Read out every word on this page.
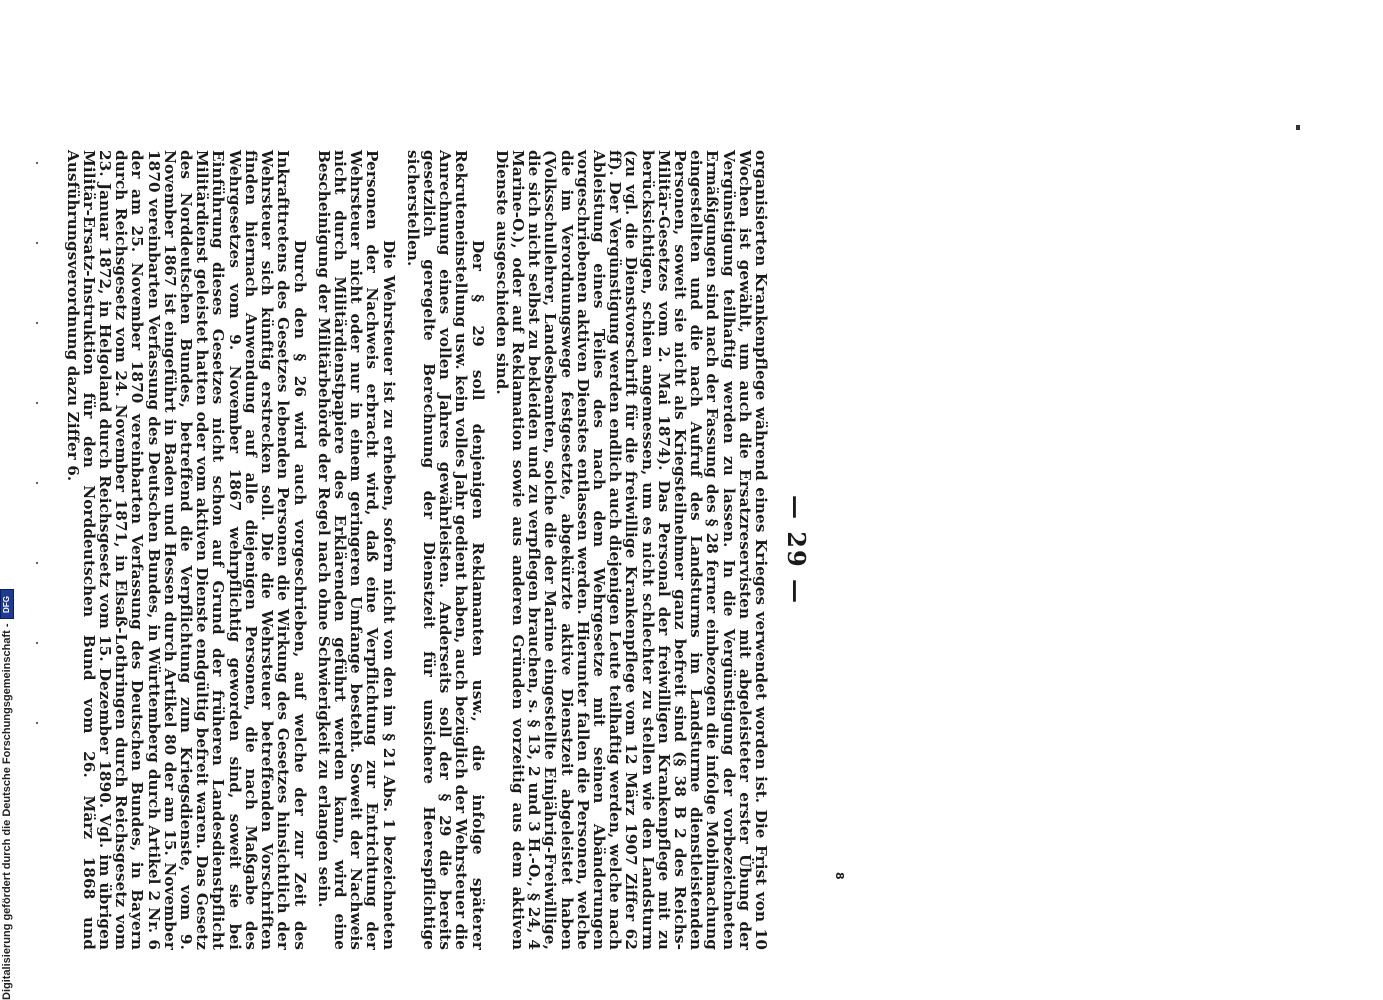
— 29 —

organisierten Krankenpflege während eines Krieges verwendet worden ist. Die Frist von 10 Wochen ist gewählt, um auch die Ersatzreservisten mit abgeleisteter erster Übung der Vergünstigung teilhaftig werden zu lassen. In die Vergünstigung der vorbezeichneten Ermäßigungen sind nach der Fassung des § 28 ferner einbezogen die infolge Mobilmachung eingestellten und die nach Aufruf des Landsturms im Landsturme dienstleistenden Personen, soweit sie nicht als Kriegsteilnehmer ganz befreit sind (§ 38 B 2 des Reichs-Militär-Gesetzes vom 2. Mai 1874). Das Personal der freiwilligen Krankenpflege mit zu berücksichtigen, schien angemessen, um es nicht schlechter zu stellen wie den Landsturm (zu vgl. die Dienstvorschrift für die freiwillige Krankenpflege vom 12 März 1907 Ziffer 62 ff). Der Vergünstigung werden endlich auch diejenigen Leute teilhaftig werden, welche nach Ableistung eines Teiles des nach dem Wehrgesetze mit seinen Abänderungen vorgeschriebenen aktiven Dienstes entlassen werden. Hierunter fallen die Personen, welche die im Verordnungswege festgesetzte, abgekürzte aktive Dienstzeit abgeleistet haben (Volksschullehrer, Landesbeamten, solche die der Marine eingestellte Einjährig-Freiwillige, die sich nicht selbst zu bekleiden und zu verpflegen brauchen, s. § 13, 2 und 3 H.-O., § 24, 4 Marine-O.), oder auf Reklamation sowie aus anderen Gründen vorzeitig aus dem aktiven Dienste ausgeschieden sind.

Der § 29 soll denjenigen Reklamanten usw., die infolge späterer Rekruteneinstellung usw. kein volles Jahr gedient haben, auch bezüglich der Wehrsteuer die Anrechnung eines vollen Jahres gewährleisten. Anderseits soll der § 29 die bereits gesetzlich geregelte Berechnung der Dienstzeit für unsichere Heerespflichtige sicherstellen.

Die Wehrsteuer ist zu erheben, sofern nicht von den im § 21 Abs. 1 bezeichneten Personen der Nachweis erbracht wird, daß eine Verpflichtung zur Entrichtung der Wehrsteuer nicht oder nur in einem geringeren Umfange besteht. Soweit der Nachweis nicht durch Militärdienstpapiere des Erklärenden geführt werden kann, wird eine Bescheinigung der Militärbehörde der Regel nach ohne Schwierigkeit zu erlangen sein.

Durch den § 26 wird auch vorgeschrieben, auf welche der zur Zeit des Inkrafttretens des Gesetzes lebenden Personen die Wirkung des Gesetzes hinsichtlich der Wehrsteuer sich künftig erstrecken soll. Die die Wehrsteuer betreffenden Vorschriften finden hiernach Anwendung auf alle diejenigen Personen, die nach Maßgabe des Wehrgesetzes vom 9. November 1867 wehrpflichtig geworden sind, soweit sie bei Einführung dieses Gesetzes nicht schon auf Grund der früheren Landesdienstpflicht Militärdienst geleistet hatten oder vom aktiven Dienste endgültig befreit waren. Das Gesetz des Norddeutschen Bundes, betreffend die Verpflichtung zum Kriegsdienste, vom 9. November 1867 ist eingeführt in Baden und Hessen durch Artikel 80 der am 15. November 1870 vereinbarten Verfassung des Deutschen Bundes, in Württemberg durch Artikel 2 Nr. 6 der am 25. November 1870 vereinbarten Verfassung des Deutschen Bundes, in Bayern durch Reichsgesetz vom 24. November 1871, in Elsaß-Lothringen durch Reichsgesetz vom 23. Januar 1872, in Helgoland durch Reichsgesetz vom 15. Dezember 1890. Vgl. im übrigen Militär-Ersatz-Instruktion für den Norddeutschen Bund vom 26. März 1868 und Ausführungsverordnung dazu Ziffer 6.

8
Digitalisierung gefördert durch die Deutsche Forschungsgemeinschaft -
DFG
